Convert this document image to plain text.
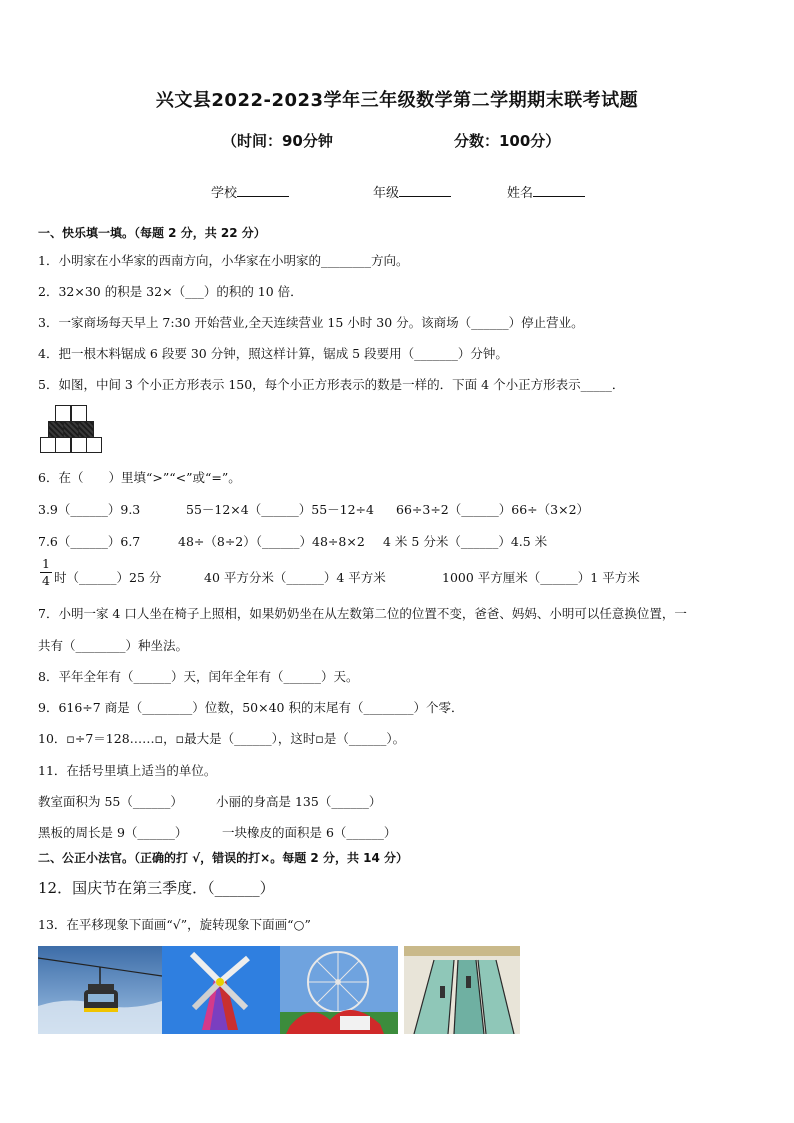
兴文县2022-2023学年三年级数学第二学期期末联考试题
（时间：90分钟	分数：100分）
学校	年级	姓名
一、快乐填一填。（每题 2 分，共 22 分）
1．小明家在小华家的西南方向，小华家在小明家的________方向。
2．32×30 的积是 32×（___）的积的 10 倍．
3．一家商场每天早上 7:30 开始营业,全天连续营业 15 小时 30 分。该商场（______）停止营业。
4．把一根木料锯成 6 段要 30 分钟，照这样计算，锯成 5 段要用（_______）分钟。
5．如图，中间 3 个小正方形表示 150，每个小正方形表示的数是一样的．下面 4 个小正方形表示_____．
6．在（　　）里填“>”“<”或“=”。
3.9（______）9.3	55－12×4（______）55－12÷4 66÷3÷2（______）66÷（3×2）
7.6（______）6.7	48÷（8÷2）（______）48÷8×2 4 米 5 分米（______）4.5 米
$\frac{1}{4}$ 时（______）25 分	40 平方分米（______）4 平方米	1000 平方厘米（______）1 平方米
7．小明一家 4 口人坐在椅子上照相，如果奶奶坐在从左数第二位的位置不变，爸爸、妈妈、小明可以任意换位置，一
共有（________）种坐法。
8．平年全年有（______）天，闰年全年有（______）天。
9．616÷7 商是（________）位数，50×40 积的末尾有（________）个零．
10．▫÷7＝128……▫，▫最大是（______），这时▫是（______）。
11．在括号里填上适当的单位。
教室面积为 55（______）	小丽的身高是 135（______）
黑板的周长是 9（______）	一块橡皮的面积是 6（______）
二、公正小法官。（正确的打 √，错误的打×。每题 2 分，共 14 分）
12．国庆节在第三季度．（______）
13．在平移现象下面画“√”，旋转现象下面画“○”
